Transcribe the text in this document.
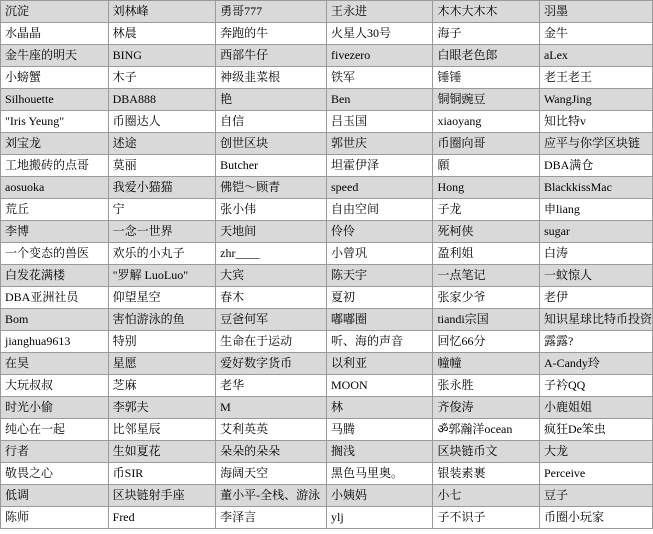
沉淀	刘林峰	勇哥777	王永进	木木大木木	羽墨
水晶晶	林晨	奔跑的牛	火星人30号	海子	金牛
金牛座的明天	BING	西部牛仔	fivezero	白眼老色郎	aLex
小螃蟹	木子	神级韭菜根	铁军	锤锤	老王老王
Silhouette	DBA888	艳	Ben	铜铜豌豆	WangJing
"Iris Yeung"	币圈达人	自信	吕玉国	xiaoyang	知比特v
刘宝龙	述途	创世区块	郭世庆	币圈向哥	应平与你学区块链
工地搬砖的点哥	莫丽	Butcher	坦霍伊泽	願	DBA满仓
aosuoka	我爱小猫猫	佛铠～顾青	speed	Hong	BlackkissMac
荒丘	宁	张小伟	自由空间	子龙	申liang
李博	一念一世界	天地间	伶伶	死柯侠	sugar
一个变态的兽医	欢乐的小丸子	zhr____	小曾巩	盈利姐	白涛
白发花满楼	"罗解 LuoLuo"	大宾	陈天宇	一点笔记	一蚊惊人
DBA亚洲社员	仰望星空	春木	夏初	张家少爷	老伊
Bom	害怕游泳的鱼	豆爸何军	嘟嘟圈	tiandi宗国	知识星球比特币投资
jianghua9613	特别	生命在于运动	听、海的声音	回忆66分	露露?
在昊	星愿	爱好数字货币	以利亚	幢幢	A-Candy玲
大玩叔叔	芝麻	老华	MOON	张永胜	子衿QQ
时光小偷	李郭夫	M	林	齐俊涛	小鹿姐姐
纯心在一起	比邻星辰	艾利英英	马腾	ॐ郭瀚洋ocean	疯狂De笨虫
行者	生如夏花	朵朵的朵朵	搁浅	区块链币文	大龙
敬畏之心	币SIR	海阔天空	黑色马里奥。	银装素裹	Perceive
低调	区块链射手座	董小平-全栈、游泳	小姨妈	小七	豆子
陈师	Fred	李泽言	ylj	子不识子	币圈小玩家
